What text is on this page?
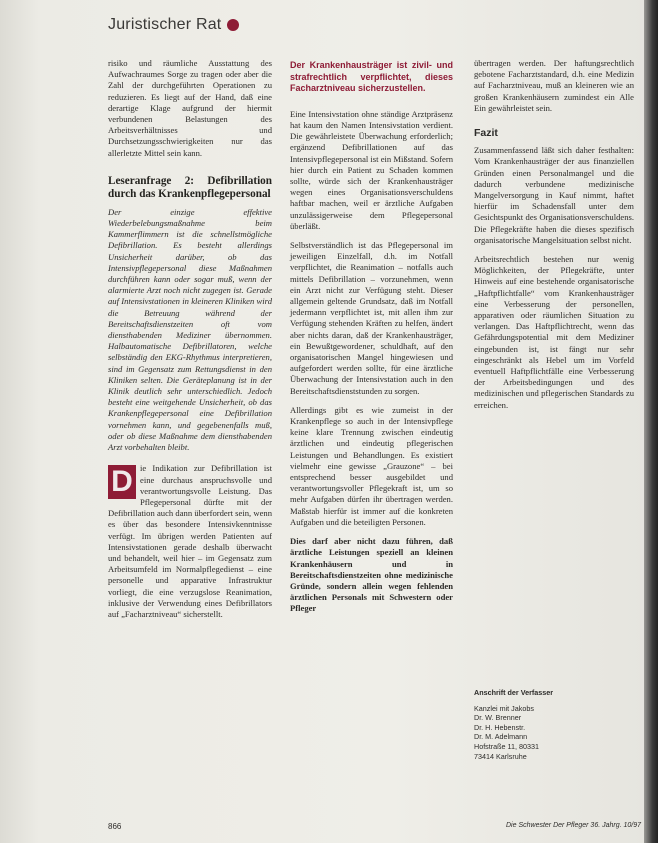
Juristischer Rat

risiko und räumliche Ausstattung des Aufwachraumes Sorge zu tragen oder aber die Zahl der durchgeführten Operationen zu reduzieren. Es liegt auf der Hand, daß eine derartige Klage aufgrund der hiermit verbundenen Belastungen des Arbeitsverhältnisses und Durchsetzungsschwierigkeiten nur das allerletzte Mittel sein kann.

Leseranfrage 2: Defibrillation durch das Krankenpflegepersonal

Der einzige effektive Wiederbelebungsmaßnahme beim Kammerflimmern ist die schnellstmögliche Defibrillation. Es besteht allerdings Unsicherheit darüber, ob das Intensivpflegepersonal diese Maßnahmen durchführen kann oder sogar muß, wenn der alarmierte Arzt noch nicht zugegen ist. Gerade auf Intensivstationen in kleineren Kliniken wird die Betreuung während der Bereitschaftsdienstzeiten oft vom diensthabenden Mediziner übernommen. Halbautomatische Defibrillatoren, welche selbständig den EKG-Rhythmus interpretieren, sind im Gegensatz zum Rettungsdienst in den Kliniken selten. Die Geräteplanung ist in der Klinik deutlich sehr unterschiedlich. Jedoch besteht eine weitgehende Unsicherheit, ob das Krankenpflegepersonal eine Defibrillation vornehmen kann, und gegebenenfalls muß, oder ob diese Maßnahme dem diensthabenden Arzt vorbehalten bleibt.

D ie Indikation zur Defibrillation ist eine durchaus anspruchsvolle und verantwortungsvolle Leistung. Das Pflegepersonal dürfte mit der Defibrillation auch dann überfordert sein, wenn es über das besondere Intensivkenntnisse verfügt. Im übrigen werden Patienten auf Intensivstationen gerade deshalb überwacht und behandelt, weil hier – im Gegensatz zum Arbeitsumfeld im Normalpflegedienst – eine personelle und apparative Infrastruktur vorliegt, die eine verzugslose Reanimation, inklusive der Verwendung eines Defibrillators auf „Facharztniveau“ sicherstellt.
Der Krankenhausträger ist zivil- und strafrechtlich verpflichtet, dieses Facharztniveau sicherzustellen.

Eine Intensivstation ohne ständige Arztpräsenz hat kaum den Namen Intensivstation verdient. Die gewährleistete Überwachung erforderlich; ergänzend Defibrillationen auf das Intensivpflegepersonal ist ein Mißstand. Sofern hier durch ein Patient zu Schaden kommen sollte, würde sich der Krankenhausträger wegen eines Organisationsverschuldens haftbar machen, weil er ärztliche Aufgaben unzulässigerweise dem Pflegepersonal überläßt.

Selbstverständlich ist das Pflegepersonal im jeweiligen Einzelfall, d.h. im Notfall verpflichtet, die Reanimation – notfalls auch mittels Defibrillation – vorzunehmen, wenn ein Arzt nicht zur Verfügung steht. Dieser allgemein geltende Grundsatz, daß im Notfall jedermann verpflichtet ist, mit allen ihm zur Verfügung stehenden Kräften zu helfen, ändert aber nichts daran, daß der Krankenhausträger, ein Bewußtgewordener, schuldhaft, auf den organisatorischen Mangel hingewiesen und aufgefordert werden sollte, für eine ärztliche Überwachung der Intensivstation auch in den Bereitschaftsdienststunden zu sorgen.

Allerdings gibt es wie zumeist in der Krankenpflege so auch in der Intensivpflege keine klare Trennung zwischen eindeutig ärztlichen und eindeutig pflegerischen Leistungen und Behandlungen. Es existiert vielmehr eine gewisse „Grauzone“ – bei entsprechend besser ausgebildet und verantwortungsvoller Pflegekraft ist, um so mehr Aufgaben dürfen ihr übertragen werden. Maßstab hierfür ist immer auf die konkreten Aufgaben und die beteiligten Personen.

Dies darf aber nicht dazu führen, daß ärztliche Leistungen speziell an kleinen Krankenhäusern und in Bereitschaftsdienstzeiten ohne medizinische Gründe, sondern allein wegen fehlenden ärztlichen Personals mit Schwestern oder Pfleger

übertragen werden. Der haftungsrechtlich gebotene Facharztstandard, d.h. eine Medizin auf Facharztniveau, muß an kleineren wie an großen Krankenhäusern zumindest ein Alle Ein gewährleistet sein.

Fazit

Zusammenfassend läßt sich daher festhalten: Vom Krankenhausträger der aus finanziellen Gründen einen Personalmangel und die dadurch verbundene medizinische Mangelversorgung in Kauf nimmt, haftet hierfür im Schadensfall unter dem Gesichtspunkt des Organisationsverschuldens. Die Pflegekräfte haben die dieses spezifisch organisatorische Mangelsituation selbst nicht.

Arbeitsrechtlich bestehen nur wenig Möglichkeiten, der Pflegekräfte, unter Hinweis auf eine bestehende organisatorische „Haftpflichtfalle“ vom Krankenhausträger eine Verbesserung der personellen, apparativen oder räumlichen Situation zu verlangen. Das Haftpflichtrecht, wenn das Gefährdungspotential mit dem Mediziner eingebunden ist, ist fängt nur sehr eingeschränkt als Hebel um im Vorfeld eventuell Haftpflichtfälle eine Verbesserung der Arbeitsbedingungen und des medizinischen und pflegerischen Standards zu erreichen.

Anschrift der Verfasser
Kanzlei mit Jakobs
Dr. W. Brenner
Dr. H. Hebenstr.
Dr. M. Adelmann
Hofstraße 11, 80331
73414 Karlsruhe
866	Die Schwester Der Pfleger 36. Jahrg. 10/97
